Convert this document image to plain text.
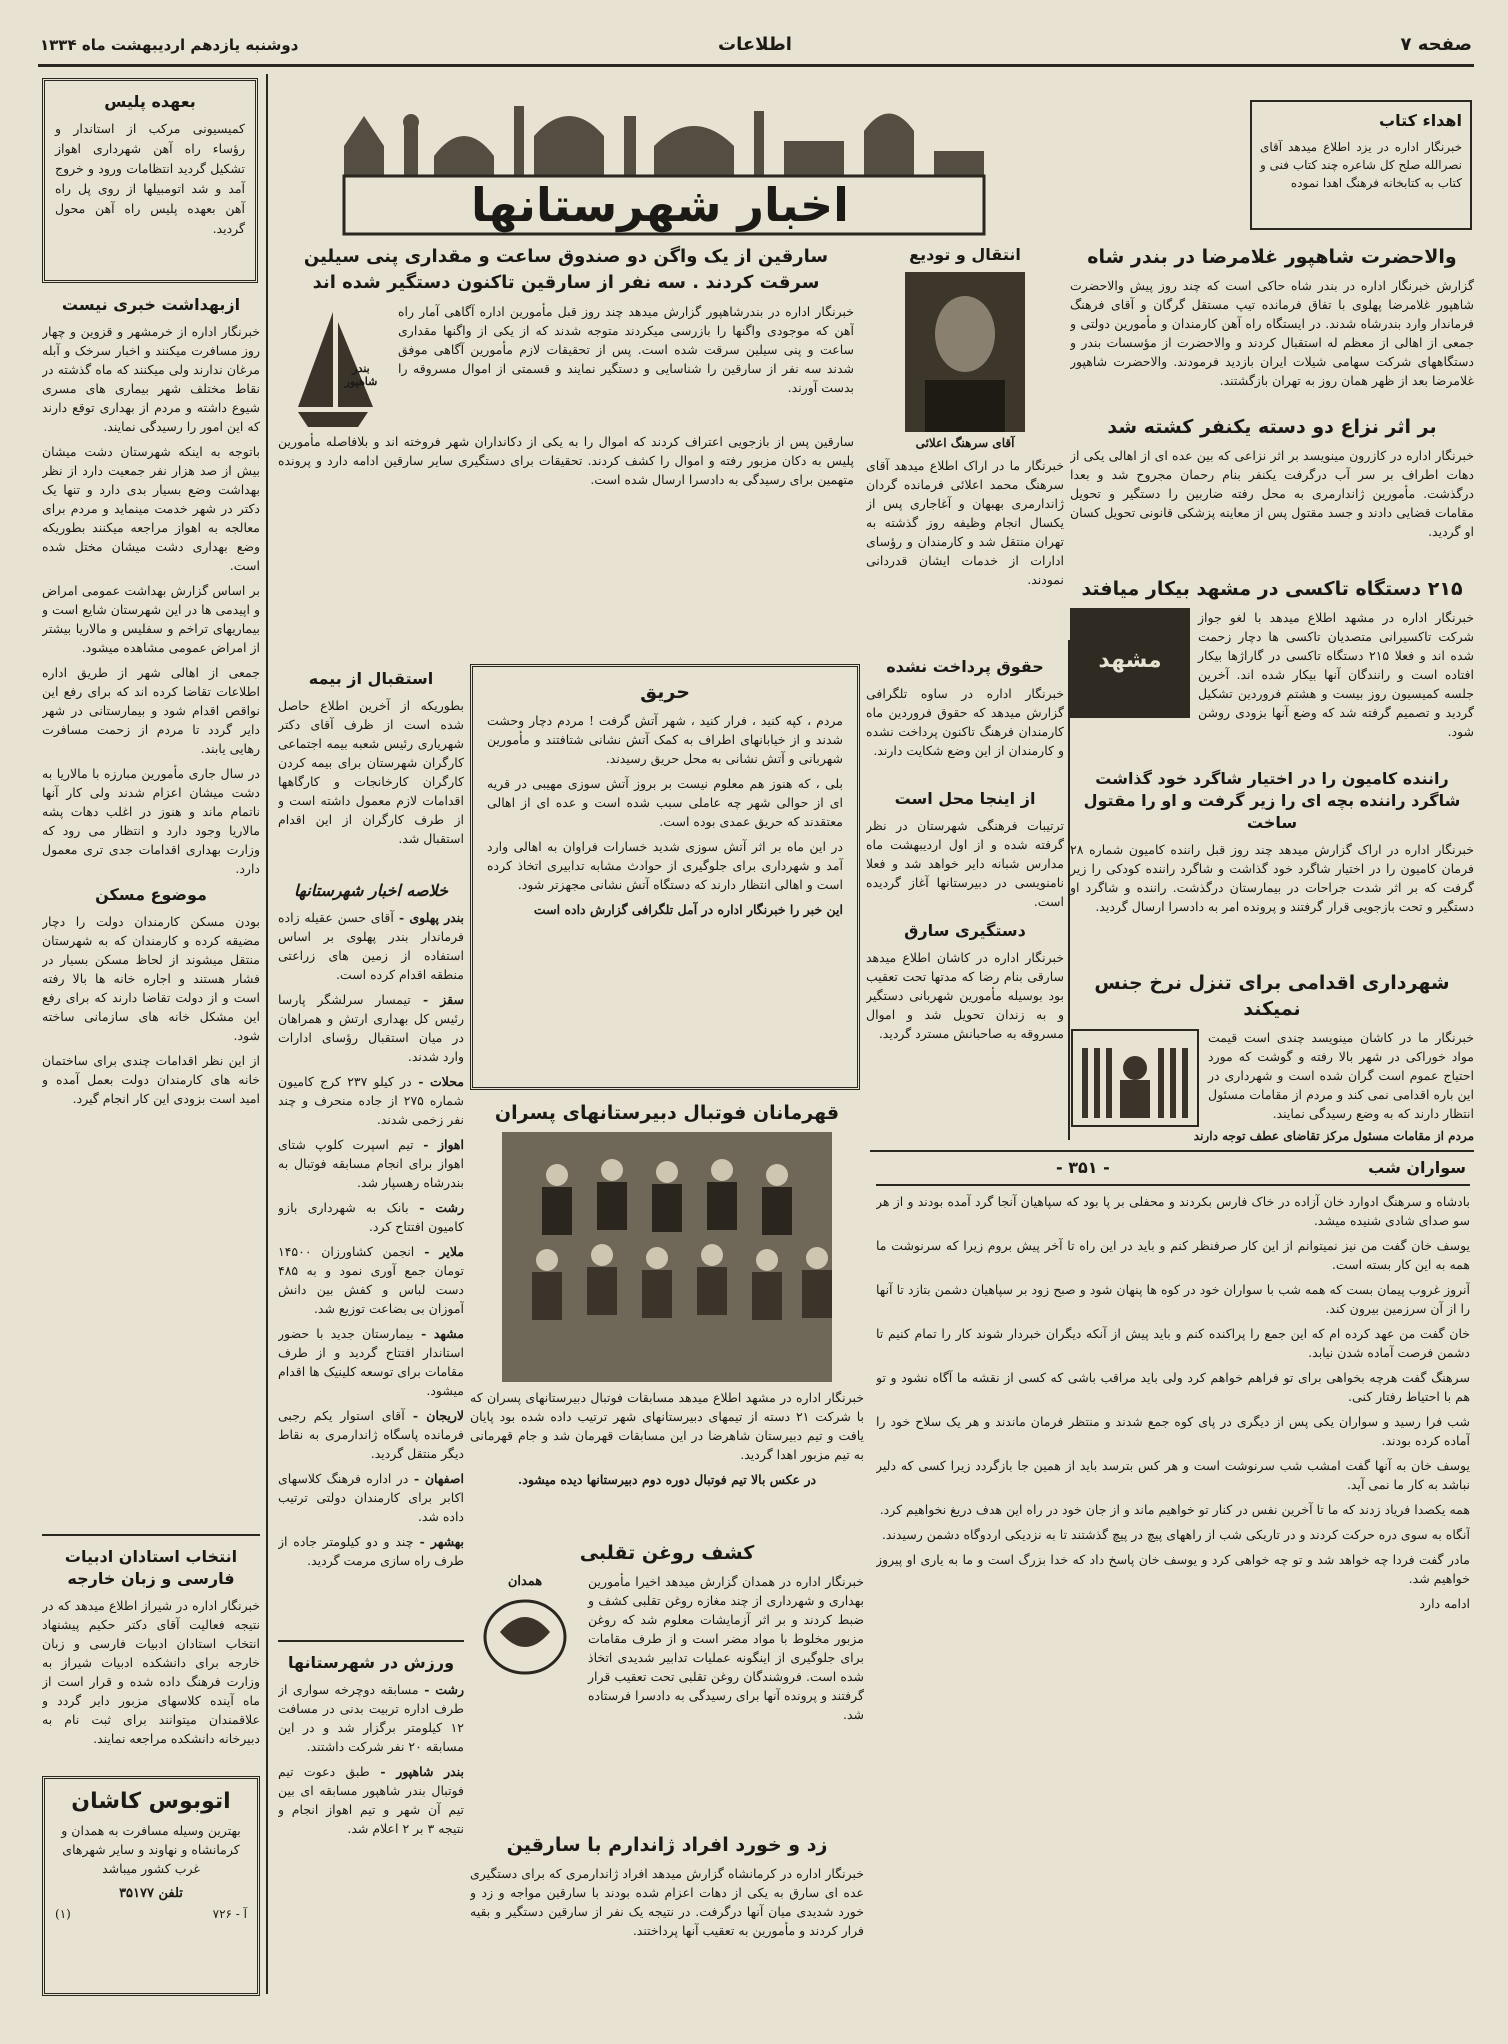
صفحه ۷
اطلاعات
دوشنبه یازدهم اردیبهشت ماه ۱۳۳۴
بعهده پلیس
کمیسیونی مرکب از استاندار و رؤساء راه آهن شهرداری اهواز تشکیل گردید انتظامات ورود و خروج آمد و شد اتومبیلها از روی پل راه آهن بعهده پلیس راه آهن محول گردید.	اخبار شهرستانها
اهداء کتاب
خبرنگار اداره در یزد اطلاع میدهد آقای نصرالله صلح کل شاعره چند کتاب فنی و کتاب به کتابخانه فرهنگ اهدا نموده
والاحضرت شاهپور غلامرضا در بندر شاه

گزارش خبرنگار اداره در بندر شاه حاکی است که چند روز پیش والاحضرت شاهپور غلامرضا پهلوی با تفاق فرمانده تیپ مستقل گرگان و آقای فرهنگ فرماندار وارد بندرشاه شدند. در ایستگاه راه آهن کارمندان و مأمورین دولتی و جمعی از اهالی از معظم له استقبال کردند و والاحضرت از مؤسسات بندر و دستگاههای شرکت سهامی شیلات ایران بازدید فرمودند. والاحضرت شاهپور غلامرضا بعد از ظهر همان روز به تهران بازگشتند.

بر اثر نزاع دو دسته یکنفر کشته شد

خبرنگار اداره در کازرون مینویسد بر اثر نزاعی که بین عده ای از اهالی یکی از دهات اطراف بر سر آب درگرفت یکنفر بنام رحمان مجروح شد و بعدا درگذشت. مأمورین ژاندارمری به محل رفته ضاربین را دستگیر و تحویل مقامات قضایی دادند و جسد مقتول پس از معاینه پزشکی قانونی تحویل کسان او گردید.

۲۱۵ دستگاه تاکسی در مشهد بیکار میافتد

خبرنگار اداره در مشهد اطلاع میدهد با لغو جواز شرکت تاکسیرانی متصدیان تاکسی ها دچار زحمت شده اند و فعلا ۲۱۵ دستگاه تاکسی در گاراژها بیکار افتاده است و رانندگان آنها بیکار شده اند. آخرین جلسه کمیسیون روز بیست و هشتم فروردین تشکیل گردید و تصمیم گرفته شد که وضع آنها بزودی روشن شود.

مشهد
راننده کامیون را در اختیار شاگرد خود گذاشت شاگرد راننده بچه ای را زیر گرفت و او را مقتول ساخت

خبرنگار اداره در اراک گزارش میدهد چند روز قبل راننده کامیون شماره ۲۸ فرمان کامیون را در اختیار شاگرد خود گذاشت و شاگرد راننده کودکی را زیر گرفت که بر اثر شدت جراحات در بیمارستان درگذشت. راننده و شاگرد او دستگیر و تحت بازجویی قرار گرفتند و پرونده امر به دادسرا ارسال گردید.

شهرداری اقدامی برای تنزل نرخ جنس نمیکند

خبرنگار ما در کاشان مینویسد چندی است قیمت مواد خوراکی در شهر بالا رفته و گوشت که مورد احتیاج عموم است گران شده است و شهرداری در این باره اقدامی نمی کند و مردم از مقامات مسئول انتظار دارند که به وضع رسیدگی نمایند.

مردم از مقامات مسئول مرکز تقاضای عطف توجه دارند
سارقین از یک واگن دو صندوق ساعت و مقداری پنی سیلین سرقت کردند . سه نفر از سارقین تاکنون دستگیر شده اند

خبرنگار اداره در بندرشاهپور گزارش میدهد چند روز قبل مأمورین اداره آگاهی آمار راه آهن که موجودی واگنها را بازرسی میکردند متوجه شدند که از یکی از واگنها مقداری ساعت و پنی سیلین سرقت شده است. پس از تحقیقات لازم مأمورین آگاهی موفق شدند سه نفر از سارقین را شناسایی و دستگیر نمایند و قسمتی از اموال مسروقه را بدست آورند.

بندر شاهپور

سارقین پس از بازجویی اعتراف کردند که اموال را به یکی از دکانداران شهر فروخته اند و بلافاصله مأمورین پلیس به دکان مزبور رفته و اموال را کشف کردند. تحقیقات برای دستگیری سایر سارقین ادامه دارد و پرونده متهمین برای رسیدگی به دادسرا ارسال شده است.

انتقال و تودیع
آقای سرهنگ اعلائی

خبرنگار ما در اراک اطلاع میدهد آقای سرهنگ محمد اعلائی فرمانده گردان ژاندارمری بهبهان و آغاجاری پس از یکسال انجام وظیفه روز گذشته به تهران منتقل شد و کارمندان و رؤسای ادارات از خدمات ایشان قدردانی نمودند.

حقوق پرداخت نشده

خبرنگار اداره در ساوه تلگرافی گزارش میدهد که حقوق فروردین ماه کارمندان فرهنگ تاکنون پرداخت نشده و کارمندان از این وضع شکایت دارند.

از اینجا محل است

ترتیبات فرهنگی شهرستان در نظر گرفته شده و از اول اردیبهشت ماه مدارس شبانه دایر خواهد شد و فعلا نامنویسی در دبیرستانها آغاز گردیده است.

دستگیری سارق

خبرنگار اداره در کاشان اطلاع میدهد سارقی بنام رضا که مدتها تحت تعقیب بود بوسیله مأمورین شهربانی دستگیر و به زندان تحویل شد و اموال مسروقه به صاحبانش مسترد گردید.

حریق

مردم ، کپه کنید ، فرار کنید ، شهر آتش گرفت ! مردم دچار وحشت شدند و از خیابانهای اطراف به کمک آتش نشانی شتافتند و مأمورین شهربانی و آتش نشانی به محل حریق رسیدند.

بلی ، که هنوز هم معلوم نیست بر بروز آتش سوزی مهیبی در قریه ای از حوالی شهر چه عاملی سبب شده است و عده ای از اهالی معتقدند که حریق عمدی بوده است.

در این ماه بر اثر آتش سوزی شدید خسارات فراوان به اهالی وارد آمد و شهرداری برای جلوگیری از حوادث مشابه تدابیری اتخاذ کرده است و اهالی انتظار دارند که دستگاه آتش نشانی مجهزتر شود.

این خبر را خبرنگار اداره در آمل تلگرافی گزارش داده است

استقبال از بیمه

بطوریکه از آخرین اطلاع حاصل شده است از ظرف آقای دکتر شهریاری رئیس شعبه بیمه اجتماعی کارگران شهرستان برای بیمه کردن کارگران کارخانجات و کارگاهها اقدامات لازم معمول داشته است و از طرف کارگران از این اقدام استقبال شد.

خلاصه اخبار شهرستانها

بندر پهلوی - آقای حسن عقیله زاده فرماندار بندر پهلوی بر اساس استفاده از زمین های زراعتی منطقه اقدام کرده است.

سقز - تیمسار سرلشگر پارسا رئیس کل بهداری ارتش و همراهان در میان استقبال رؤسای ادارات وارد شدند.

محلات - در کیلو ۲۳۷ کرج کامیون شماره ۲۷۵ از جاده منحرف و چند نفر زخمی شدند.

اهواز - تیم اسپرت کلوپ شتای اهواز برای انجام مسابقه فوتبال به بندرشاه رهسپار شد.

رشت - بانک به شهرداری بازو کامیون افتتاح کرد.

ملایر - انجمن کشاورزان ۱۴۵۰۰ تومان جمع آوری نمود و به ۴۸۵ دست لباس و کفش بین دانش آموزان بی بضاعت توزیع شد.

مشهد - بیمارستان جدید با حضور استاندار افتتاح گردید و از طرف مقامات برای توسعه کلینیک ها اقدام میشود.

لاریجان - آقای استوار یکم رجبی فرمانده پاسگاه ژاندارمری به نقاط دیگر منتقل گردید.

اصفهان - در اداره فرهنگ کلاسهای اکابر برای کارمندان دولتی ترتیب داده شد.

بهشهر - چند و دو کیلومتر جاده از طرف راه سازی مرمت گردید.

ورزش در شهرستانها

رشت - مسابقه دوچرخه سواری از طرف اداره تربیت بدنی در مسافت ۱۲ کیلومتر برگزار شد و در این مسابقه ۲۰ نفر شرکت داشتند.

بندر شاهپور - طبق دعوت تیم فوتبال بندر شاهپور مسابقه ای بین تیم آن شهر و تیم اهواز انجام و نتیجه ۳ بر ۲ اعلام شد.

قهرمانان فوتبال دبیرستانهای پسران

خبرنگار اداره در مشهد اطلاع میدهد مسابقات فوتبال دبیرستانهای پسران که با شرکت ۲۱ دسته از تیمهای دبیرستانهای شهر ترتیب داده شده بود پایان یافت و تیم دبیرستان شاهرضا در این مسابقات قهرمان شد و جام قهرمانی به تیم مزبور اهدا گردید.

در عکس بالا تیم فوتبال دوره دوم دبیرستانها دیده میشود.

کشف روغن تقلبی

خبرنگار اداره در همدان گزارش میدهد اخیرا مأمورین بهداری و شهرداری از چند مغازه روغن تقلبی کشف و ضبط کردند و بر اثر آزمایشات معلوم شد که روغن مزبور مخلوط با مواد مضر است و از طرف مقامات برای جلوگیری از اینگونه عملیات تدابیر شدیدی اتخاذ شده است. فروشندگان روغن تقلبی تحت تعقیب قرار گرفتند و پرونده آنها برای رسیدگی به دادسرا فرستاده شد.

همدان
زد و خورد افراد ژاندارم با سارقین

خبرنگار اداره در کرمانشاه گزارش میدهد افراد ژاندارمری که برای دستگیری عده ای سارق به یکی از دهات اعزام شده بودند با سارقین مواجه و زد و خورد شدیدی میان آنها درگرفت. در نتیجه یک نفر از سارقین دستگیر و بقیه فرار کردند و مأمورین به تعقیب آنها پرداختند.

سواران شب
- ۳۵۱ -

بادشاه و سرهنگ ادوارد خان آزاده در خاک فارس بکردند و محفلی بر پا بود که سپاهیان آنجا گرد آمده بودند و از هر سو صدای شادی شنیده میشد.

یوسف خان گفت من نیز نمیتوانم از این کار صرفنظر کنم و باید در این راه تا آخر پیش بروم زیرا که سرنوشت ما همه به این کار بسته است.

آنروز غروب پیمان بست که همه شب با سواران خود در کوه ها پنهان شود و صبح زود بر سپاهیان دشمن بتازد تا آنها را از آن سرزمین بیرون کند.

خان گفت من عهد کرده ام که این جمع را پراکنده کنم و باید پیش از آنکه دیگران خبردار شوند کار را تمام کنیم تا دشمن فرصت آماده شدن نیابد.

سرهنگ گفت هرچه بخواهی برای تو فراهم خواهم کرد ولی باید مراقب باشی که کسی از نقشه ما آگاه نشود و تو هم با احتیاط رفتار کنی.

شب فرا رسید و سواران یکی پس از دیگری در پای کوه جمع شدند و منتظر فرمان ماندند و هر یک سلاح خود را آماده کرده بودند.

یوسف خان به آنها گفت امشب شب سرنوشت است و هر کس بترسد باید از همین جا بازگردد زیرا کسی که دلیر نباشد به کار ما نمی آید.

همه یکصدا فریاد زدند که ما تا آخرین نفس در کنار تو خواهیم ماند و از جان خود در راه این هدف دریغ نخواهیم کرد.

آنگاه به سوی دره حرکت کردند و در تاریکی شب از راههای پیچ در پیچ گذشتند تا به نزدیکی اردوگاه دشمن رسیدند.

مادر گفت فردا چه خواهد شد و تو چه خواهی کرد و یوسف خان پاسخ داد که خدا بزرگ است و ما به یاری او پیروز خواهیم شد.

ادامه دارد

ازبهداشت خبری نیست

خبرنگار اداره از خرمشهر و قزوین و چهار روز مسافرت میکنند و اخبار سرخک و آبله مرغان ندارند ولی میکنند که ماه گذشته در نقاط مختلف شهر بیماری های مسری شیوع داشته و مردم از بهداری توقع دارند که این امور را رسیدگی نمایند.

باتوجه به اینکه شهرستان دشت میشان بیش از صد هزار نفر جمعیت دارد از نظر بهداشت وضع بسیار بدی دارد و تنها یک دکتر در شهر خدمت مینماید و مردم برای معالجه به اهواز مراجعه میکنند بطوریکه وضع بهداری دشت میشان مختل شده است.

بر اساس گزارش بهداشت عمومی امراض و اپیدمی ها در این شهرستان شایع است و بیماریهای تراخم و سفلیس و مالاریا بیشتر از امراض عمومی مشاهده میشود.

جمعی از اهالی شهر از طریق اداره اطلاعات تقاضا کرده اند که برای رفع این نواقص اقدام شود و بیمارستانی در شهر دایر گردد تا مردم از زحمت مسافرت رهایی یابند.

در سال جاری مأمورین مبارزه با مالاریا به دشت میشان اعزام شدند ولی کار آنها ناتمام ماند و هنوز در اغلب دهات پشه مالاریا وجود دارد و انتظار می رود که وزارت بهداری اقدامات جدی تری معمول دارد.

موضوع مسکن

بودن مسکن کارمندان دولت را دچار مضیقه کرده و کارمندان که به شهرستان منتقل میشوند از لحاظ مسکن بسیار در فشار هستند و اجاره خانه ها بالا رفته است و از دولت تقاضا دارند که برای رفع این مشکل خانه های سازمانی ساخته شود.

از این نظر اقدامات چندی برای ساختمان خانه های کارمندان دولت بعمل آمده و امید است بزودی این کار انجام گیرد.

انتخاب استادان ادبیات فارسی و زبان خارجه

خبرنگار اداره در شیراز اطلاع میدهد که در نتیجه فعالیت آقای دکتر حکیم پیشنهاد انتخاب استادان ادبیات فارسی و زبان خارجه برای دانشکده ادبیات شیراز به وزارت فرهنگ داده شده و قرار است از ماه آینده کلاسهای مزبور دایر گردد و علاقمندان میتوانند برای ثبت نام به دبیرخانه دانشکده مراجعه نمایند.

اتوبوس کاشان
بهترین وسیله مسافرت به همدان و کرمانشاه و نهاوند و سایر شهرهای غرب کشور میباشد
تلفن ۳۵۱۷۷
آ - ۷۲۶
(۱)
